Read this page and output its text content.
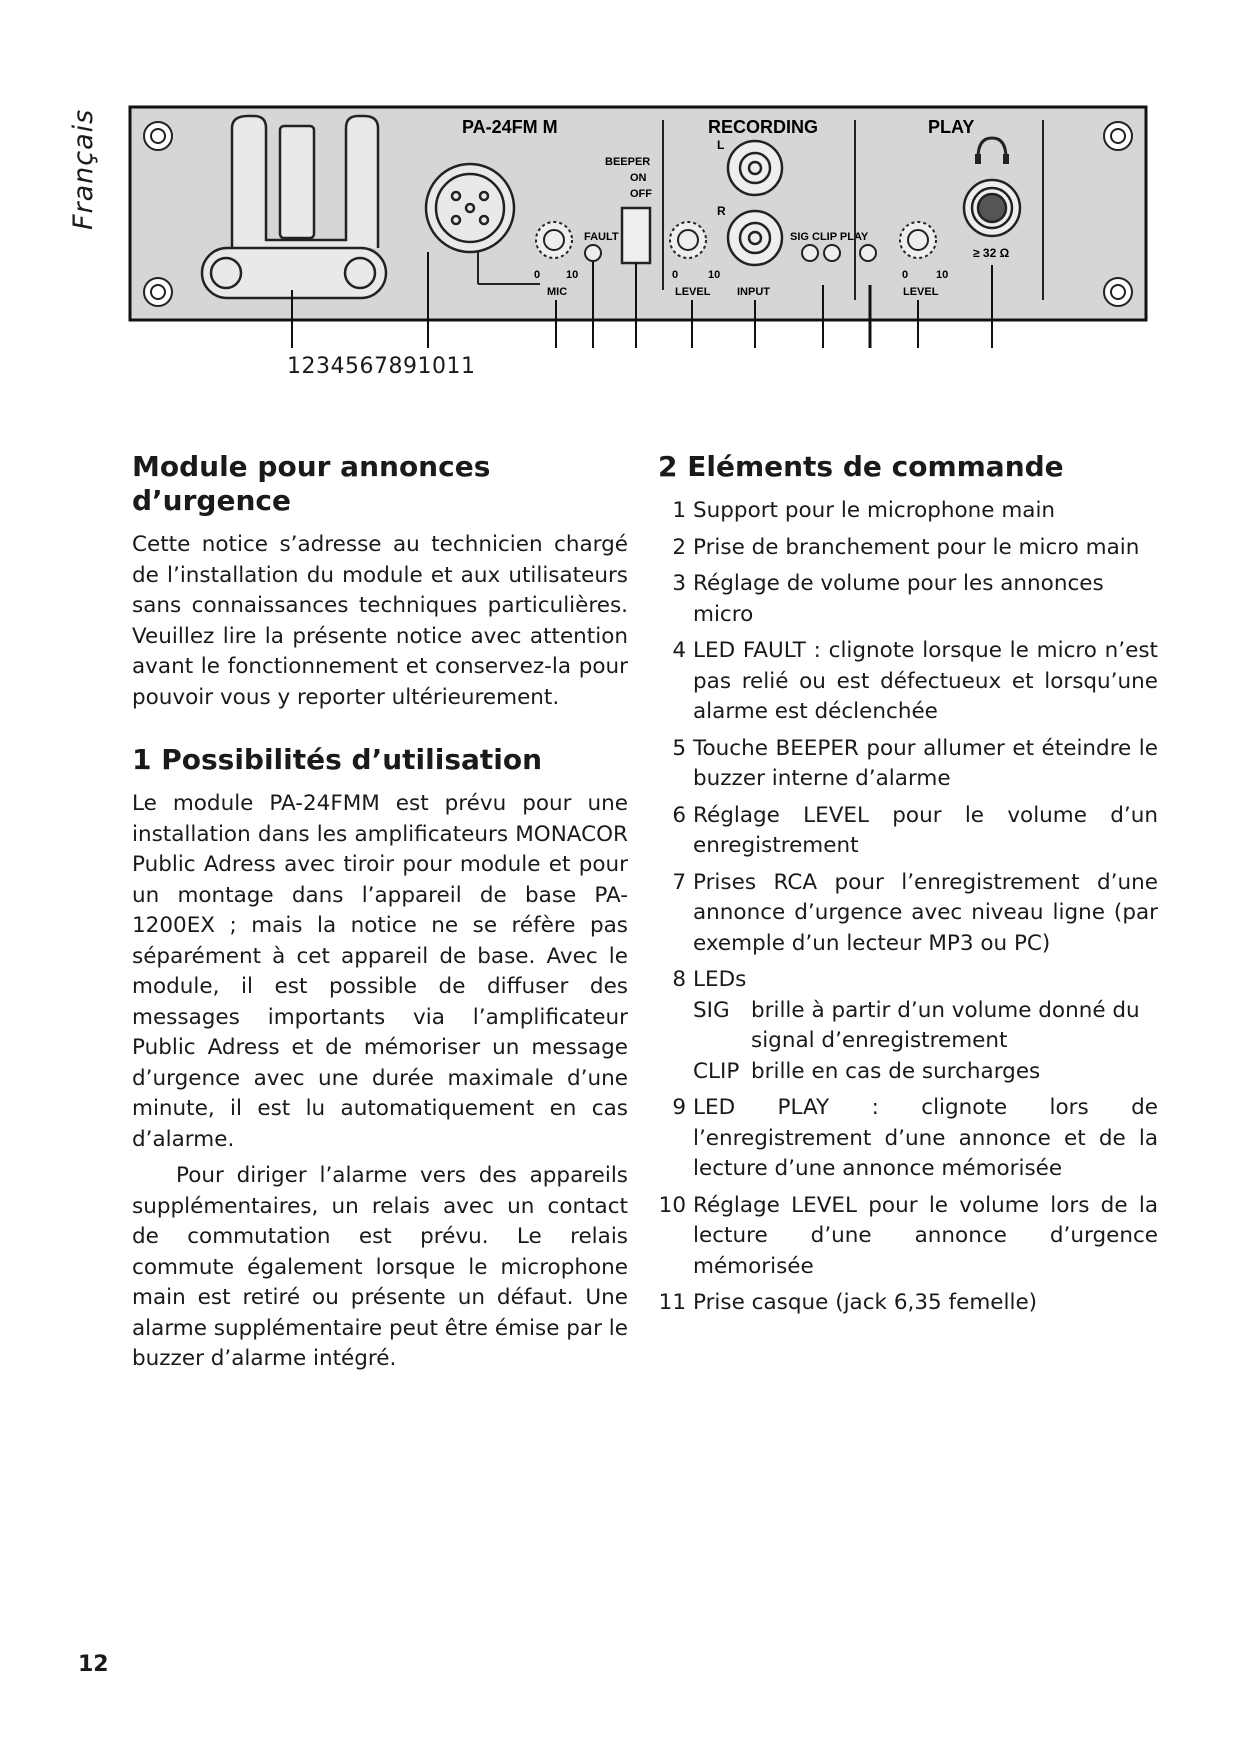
Français	PA-24FM M
0 10
MIC
FAULT
BEEPER
ON
OFF
RECORDING
L
R
0	10
LEVEL INPUT
SIG CLIP PLAY
PLAY
≥ 32 Ω
0	10
LEVEL
1234567891011
Module pour annonces d’urgence

Cette notice s’adresse au technicien chargé de l’installation du module et aux utilisateurs sans connaissances techniques particulières. Veuillez lire la présente notice avec attention avant le fonctionnement et conservez-la pour pouvoir vous y reporter ultérieurement.

1 Possibilités d’utilisation

Le module PA-24FMM est prévu pour une installation dans les amplificateurs MONACOR Public Adress avec tiroir pour module et pour un montage dans l’appareil de base PA-1200EX ; mais la notice ne se réfère pas séparément à cet appareil de base. Avec le module, il est possible de diffuser des messages importants via l’amplificateur Public Adress et de mémoriser un message d’urgence avec une durée maximale d’une minute, il est lu automatiquement en cas d’alarme.

Pour diriger l’alarme vers des appareils supplémentaires, un relais avec un contact de commutation est prévu. Le relais commute également lorsque le microphone main est retiré ou présente un défaut. Une alarme supplémentaire peut être émise par le buzzer d’alarme intégré.

2 Eléments de commande
1 Support pour le microphone main
2 Prise de branchement pour le micro main
3 Réglage de volume pour les annonces micro
4 LED FAULT : clignote lorsque le micro n’est pas relié ou est défectueux et lorsqu’une alarme est déclenchée
5 Touche BEEPER pour allumer et éteindre le buzzer interne d’alarme
6 Réglage LEVEL pour le volume d’un enregistrement
7 Prises RCA pour l’enregistrement d’une annonce d’urgence avec niveau ligne (par exemple d’un lecteur MP3 ou PC)
8 LEDs
SIG brille à partir d’un volume donné du signal d’enregistrement
CLIP brille en cas de surcharges
9 LED PLAY : clignote lors de l’enregistrement d’une annonce et de la lecture d’une annonce mémorisée
10 Réglage LEVEL pour le volume lors de la lecture d’une annonce d’urgence mémorisée
11 Prise casque (jack 6,35 femelle)
12
